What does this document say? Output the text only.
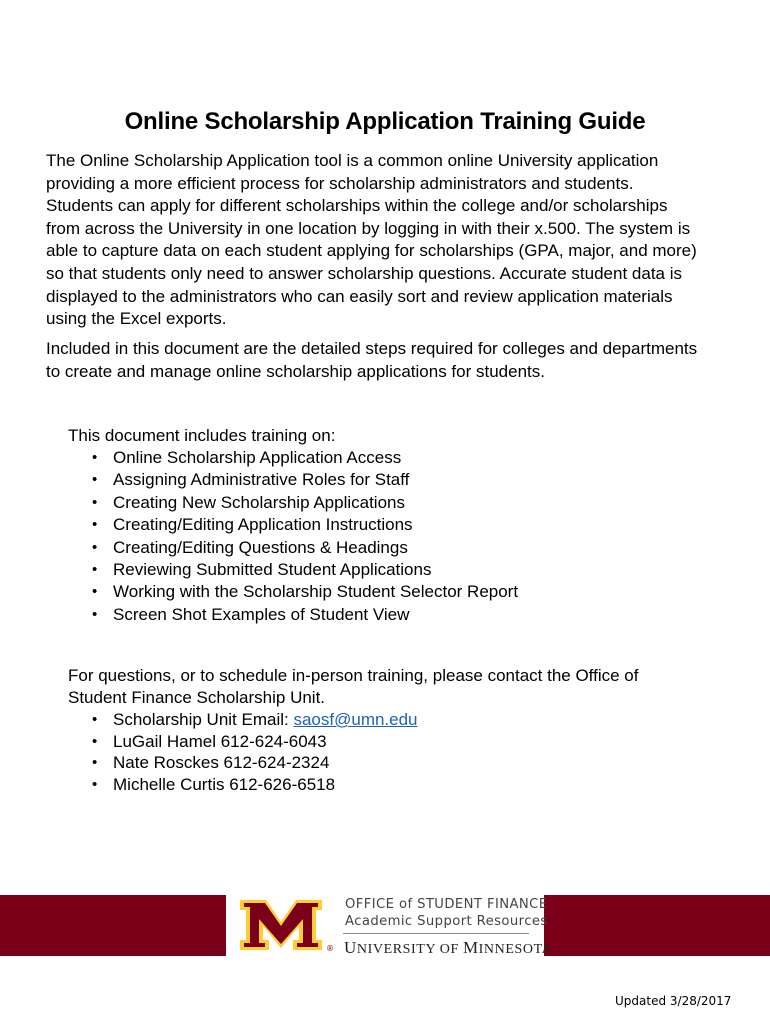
Online Scholarship Application Training Guide

The Online Scholarship Application tool is a common online University application
providing a more efficient process for scholarship administrators and students.
Students can apply for different scholarships within the college and/or scholarships
from across the University in one location by logging in with their x.500. The system is
able to capture data on each student applying for scholarships (GPA, major, and more)
so that students only need to answer scholarship questions. Accurate student data is
displayed to the administrators who can easily sort and review application materials
using the Excel exports.

Included in this document are the detailed steps required for colleges and departments
to create and manage online scholarship applications for students.

This document includes training on:

• Online Scholarship Application Access
• Assigning Administrative Roles for Staff
• Creating New Scholarship Applications
• Creating/Editing Application Instructions
• Creating/Editing Questions & Headings
• Reviewing Submitted Student Applications
• Working with the Scholarship Student Selector Report
• Screen Shot Examples of Student View

For questions, or to schedule in-person training, please contact the Office of
Student Finance Scholarship Unit.

• Scholarship Unit Email: saosf@umn.edu
• LuGail Hamel 612-624-6043
• Nate Rosckes 612-624-2324
• Michelle Curtis 612-626-6518
®
OFFICE of STUDENT FINANCE
Academic Support Resources
UNIVERSITY OF MINNESOTA
Updated 3/28/2017
